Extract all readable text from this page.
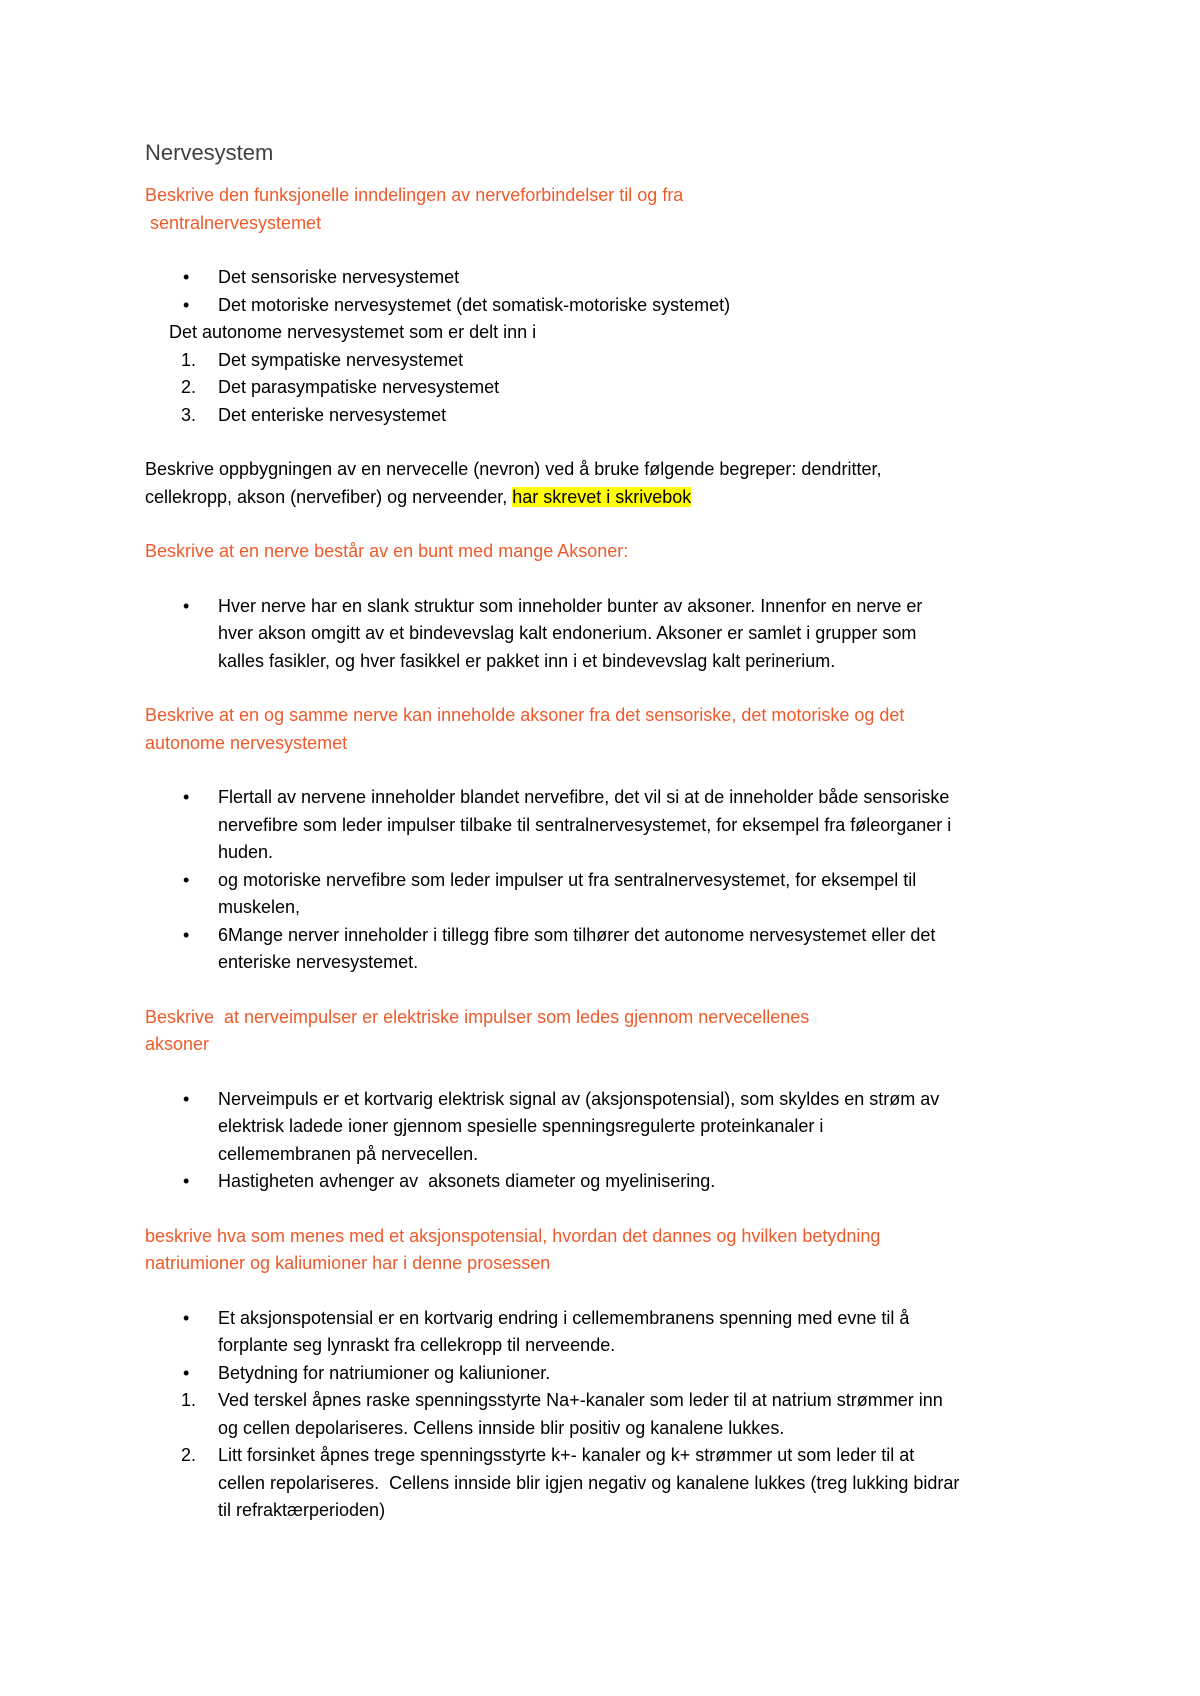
Nervesystem

Beskrive den funksjonelle inndelingen av nerveforbindelser til og fra
sentralnervesystemet

• Det sensoriske nervesystemet
• Det motoriske nervesystemet (det somatisk-motoriske systemet)

Det autonome nervesystemet som er delt inn i

1. Det sympatiske nervesystemet
2. Det parasympatiske nervesystemet
3. Det enteriske nervesystemet

Beskrive oppbygningen av en nervecelle (nevron) ved å bruke følgende begreper: dendritter,
cellekropp, akson (nervefiber) og nerveender, har skrevet i skrivebok

Beskrive at en nerve består av en bunt med mange Aksoner:

• Hver nerve har en slank struktur som inneholder bunter av aksoner. Innenfor en nerve er
hver akson omgitt av et bindevevslag kalt endonerium. Aksoner er samlet i grupper som
kalles fasikler, og hver fasikkel er pakket inn i et bindevevslag kalt perinerium.

Beskrive at en og samme nerve kan inneholde aksoner fra det sensoriske, det motoriske og det
autonome nervesystemet

• Flertall av nervene inneholder blandet nervefibre, det vil si at de inneholder både sensoriske
nervefibre som leder impulser tilbake til sentralnervesystemet, for eksempel fra føleorganer i
huden.
• og motoriske nervefibre som leder impulser ut fra sentralnervesystemet, for eksempel til
muskelen,
• 6Mange nerver inneholder i tillegg fibre som tilhører det autonome nervesystemet eller det
enteriske nervesystemet.

Beskrive  at nerveimpulser er elektriske impulser som ledes gjennom nervecellenes
aksoner

• Nerveimpuls er et kortvarig elektrisk signal av (aksjonspotensial), som skyldes en strøm av
elektrisk ladede ioner gjennom spesielle spenningsregulerte proteinkanaler i
cellemembranen på nervecellen.
• Hastigheten avhenger av  aksonets diameter og myelinisering.

beskrive hva som menes med et aksjonspotensial, hvordan det dannes og hvilken betydning
natriumioner og kaliumioner har i denne prosessen

• Et aksjonspotensial er en kortvarig endring i cellemembranens spenning med evne til å
forplante seg lynraskt fra cellekropp til nerveende.
• Betydning for natriumioner og kaliunioner.
1. Ved terskel åpnes raske spenningsstyrte Na+-kanaler som leder til at natrium strømmer inn
og cellen depolariseres. Cellens innside blir positiv og kanalene lukkes.
2. Litt forsinket åpnes trege spenningsstyrte k+- kanaler og k+ strømmer ut som leder til at
cellen repolariseres.  Cellens innside blir igjen negativ og kanalene lukkes (treg lukking bidrar
til refraktærperioden)
